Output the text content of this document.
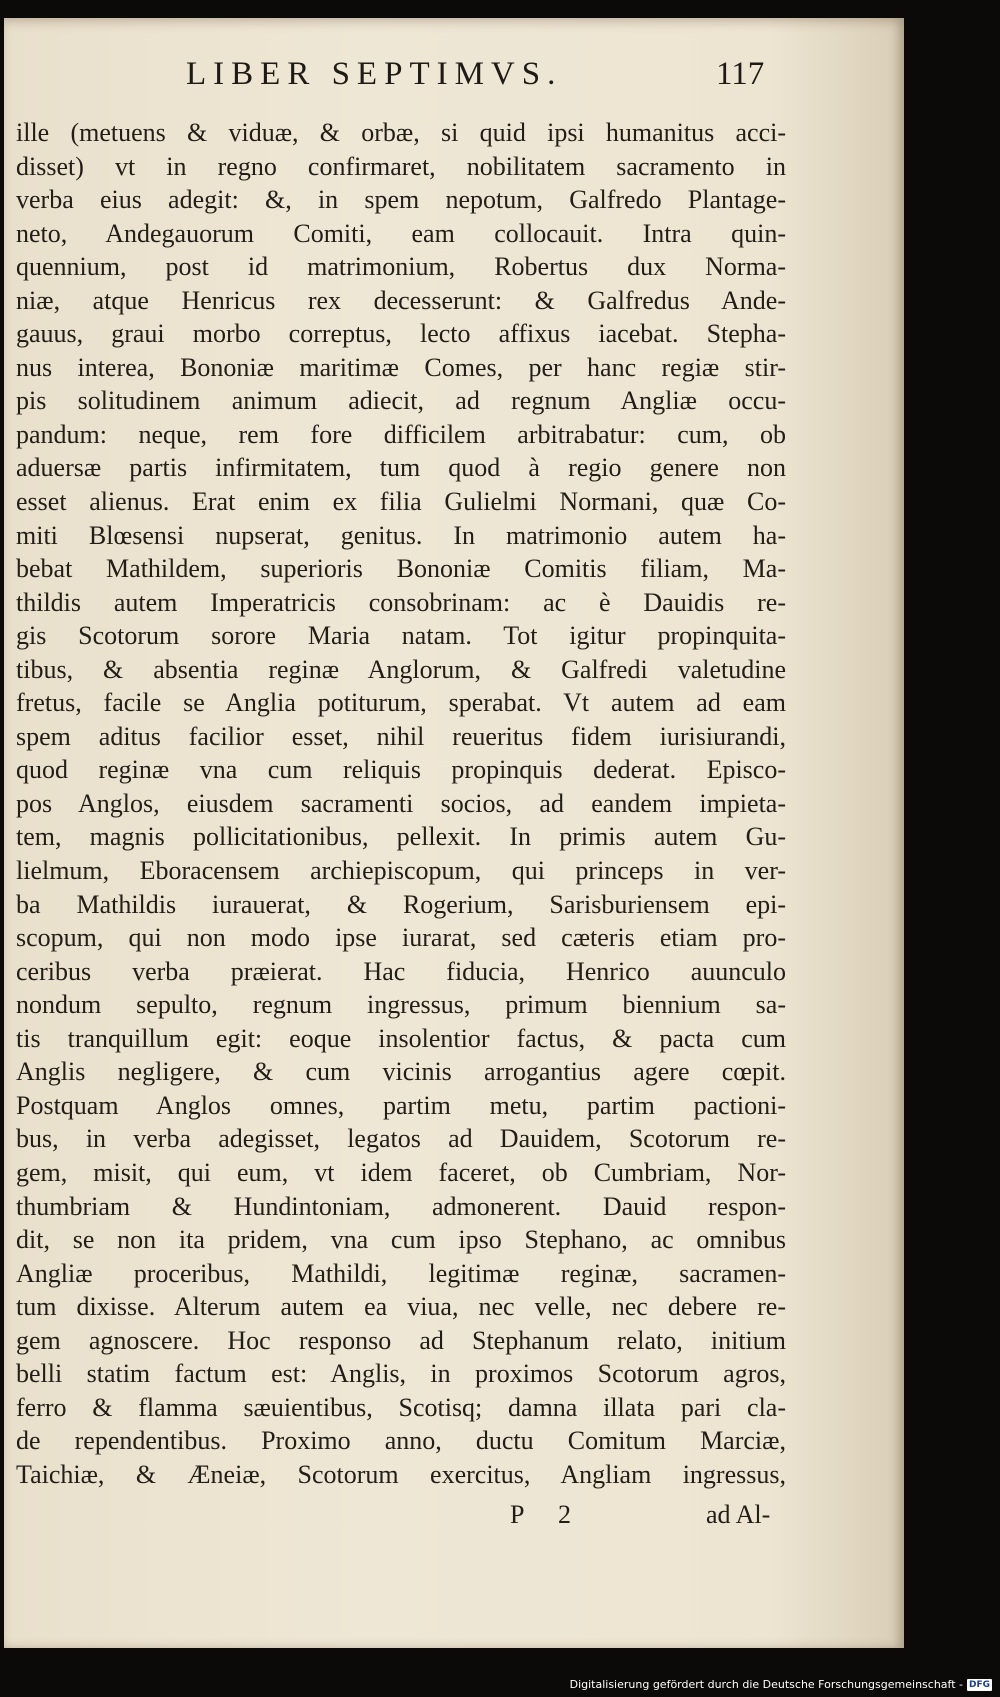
LIBER SEPTIMVS.	117
ille (metuens & viduæ, & orbæ, si quid ipsi humanitus acci-
disset) vt in regno confirmaret, nobilitatem sacramento in
verba eius adegit: &, in spem nepotum, Galfredo Plantage-
neto, Andegauorum Comiti, eam collocauit. Intra quin-
quennium, post id matrimonium, Robertus dux Norma-
niæ, atque Henricus rex decesserunt: & Galfredus Ande-
gauus, graui morbo correptus, lecto affixus iacebat. Stepha-
nus interea, Bononiæ maritimæ Comes, per hanc regiæ stir-
pis solitudinem animum adiecit, ad regnum Angliæ occu-
pandum: neque, rem fore difficilem arbitrabatur: cum, ob
aduersæ partis infirmitatem, tum quod à regio genere non
esset alienus. Erat enim ex filia Gulielmi Normani, quæ Co-
miti Blœsensi nupserat, genitus. In matrimonio autem ha-
bebat Mathildem, superioris Bononiæ Comitis filiam, Ma-
thildis autem Imperatricis consobrinam: ac è Dauidis re-
gis Scotorum sorore Maria natam. Tot igitur propinquita-
tibus, & absentia reginæ Anglorum, & Galfredi valetudine
fretus, facile se Anglia potiturum, sperabat. Vt autem ad eam
spem aditus facilior esset, nihil reueritus fidem iurisiurandi,
quod reginæ vna cum reliquis propinquis dederat. Episco-
pos Anglos, eiusdem sacramenti socios, ad eandem impieta-
tem, magnis pollicitationibus, pellexit. In primis autem Gu-
lielmum, Eboracensem archiepiscopum, qui princeps in ver-
ba Mathildis iurauerat, & Rogerium, Sarisburiensem epi-
scopum, qui non modo ipse iurarat, sed cæteris etiam pro-
ceribus verba præierat. Hac fiducia, Henrico auunculo
nondum sepulto, regnum ingressus, primum biennium sa-
tis tranquillum egit: eoque insolentior factus, & pacta cum
Anglis negligere, & cum vicinis arrogantius agere cœpit.
Postquam Anglos omnes, partim metu, partim pactioni-
bus, in verba adegisset, legatos ad Dauidem, Scotorum re-
gem, misit, qui eum, vt idem faceret, ob Cumbriam, Nor-
thumbriam & Hundintoniam, admonerent. Dauid respon-
dit, se non ita pridem, vna cum ipso Stephano, ac omnibus
Angliæ proceribus, Mathildi, legitimæ reginæ, sacramen-
tum dixisse. Alterum autem ea viua, nec velle, nec debere re-
gem agnoscere. Hoc responso ad Stephanum relato, initium
belli statim factum est: Anglis, in proximos Scotorum agros,
ferro & flamma sæuientibus, Scotisq; damna illata pari cla-
de rependentibus. Proximo anno, ductu Comitum Marciæ,
Taichiæ, & Æneiæ, Scotorum exercitus, Angliam ingressus,
P 2	ad Al-
Digitalisierung gefördert durch die Deutsche Forschungsgemeinschaft - DFG
